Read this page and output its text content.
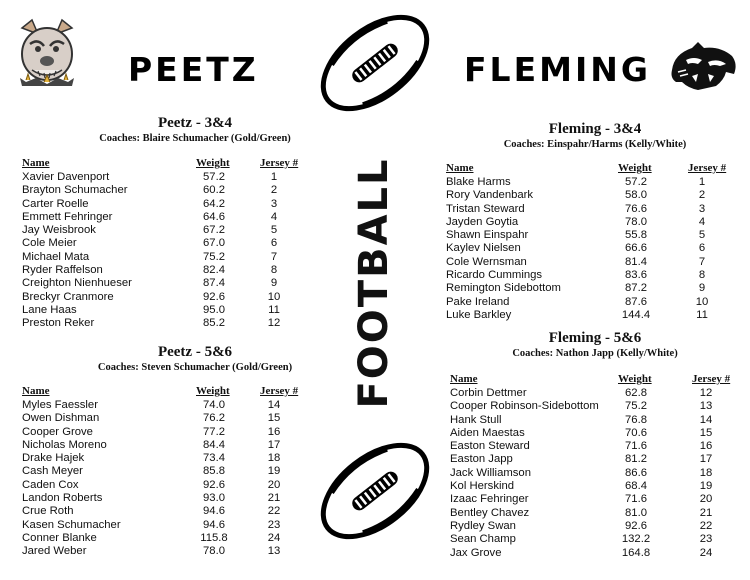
PEETZ	FLEMING
FOOTBALL
Peetz - 3&4
Coaches: Blaire Schumacher (Gold/Green)
Name	Weight	Jersey #
Xavier Davenport	57.2	1
Brayton Schumacher	60.2	2
Carter Roelle	64.2	3
Emmett Fehringer	64.6	4
Jay Weisbrook	67.2	5
Cole Meier	67.0	6
Michael Mata	75.2	7
Ryder Raffelson	82.4	8
Creighton Nienhueser	87.4	9
Breckyr Cranmore	92.6	10
Lane Haas	95.0	11
Preston Reker	85.2	12
Peetz - 5&6
Coaches: Steven Schumacher (Gold/Green)
Name	Weight	Jersey #
Myles Faessler	74.0	14
Owen Dishman	76.2	15
Cooper Grove	77.2	16
Nicholas Moreno	84.4	17
Drake Hajek	73.4	18
Cash Meyer	85.8	19
Caden Cox	92.6	20
Landon Roberts	93.0	21
Crue Roth	94.6	22
Kasen Schumacher	94.6	23
Conner Blanke	115.8	24
Jared Weber	78.0	13
Fleming - 3&4
Coaches: Einspahr/Harms (Kelly/White)
Name	Weight	Jersey #
Blake Harms	57.2	1
Rory Vandenbark	58.0	2
Tristan Steward	76.6	3
Jayden Goytia	78.0	4
Shawn Einspahr	55.8	5
Kaylev Nielsen	66.6	6
Cole Wernsman	81.4	7
Ricardo Cummings	83.6	8
Remington Sidebottom	87.2	9
Pake Ireland	87.6	10
Luke Barkley	144.4	11
Fleming - 5&6
Coaches: Nathon Japp (Kelly/White)
Name	Weight	Jersey #
Corbin Dettmer	62.8	12
Cooper Robinson-Sidebottom	75.2	13
Hank Stull	76.8	14
Aiden Maestas	70.6	15
Easton Steward	71.6	16
Easton Japp	81.2	17
Jack Williamson	86.6	18
Kol Herskind	68.4	19
Izaac Fehringer	71.6	20
Bentley Chavez	81.0	21
Rydley Swan	92.6	22
Sean Champ	132.2	23
Jax Grove	164.8	24
